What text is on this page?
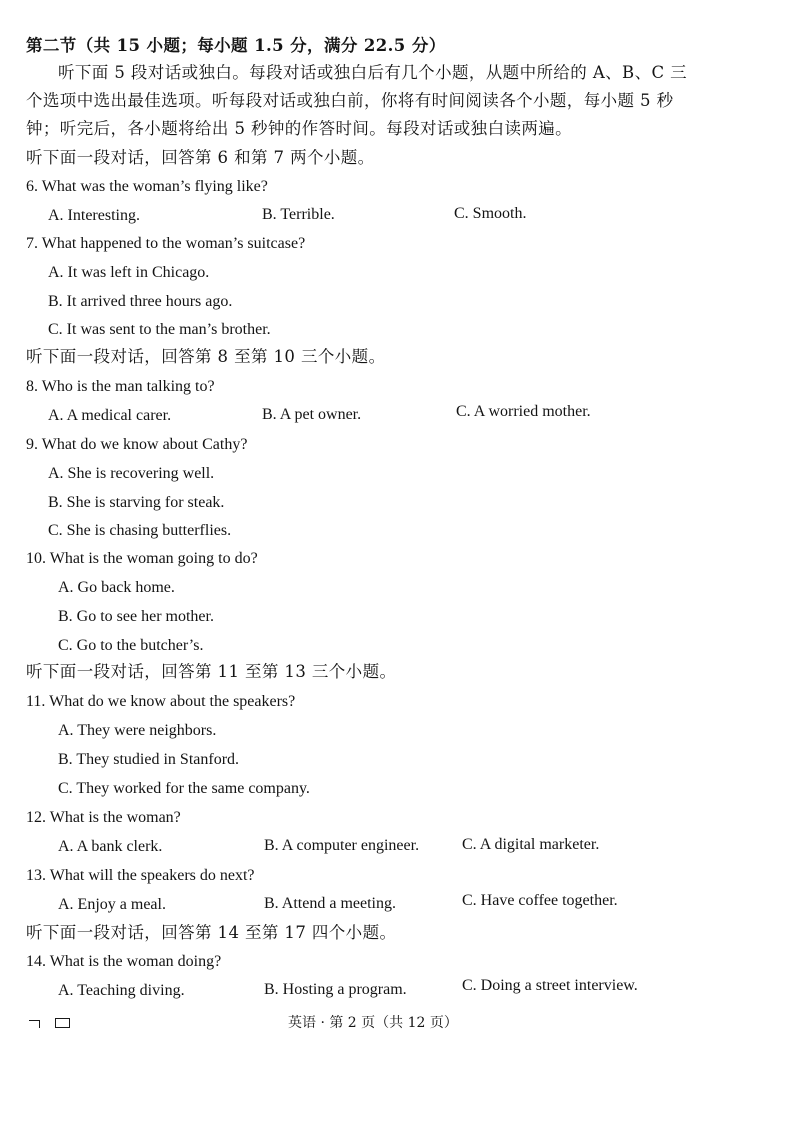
第二节（共 15 小题；每小题 1.5 分，满分 22.5 分）
听下面 5 段对话或独白。每段对话或独白后有几个小题，从题中所给的 A、B、C 三
个选项中选出最佳选项。听每段对话或独白前，你将有时间阅读各个小题，每小题 5 秒
钟；听完后，各小题将给出 5 秒钟的作答时间。每段对话或独白读两遍。
听下面一段对话，回答第 6 和第 7 两个小题。
6. What was the woman’s flying like?
A. Interesting.	B. Terrible.	C. Smooth.
7. What happened to the woman’s suitcase?
A. It was left in Chicago.
B. It arrived three hours ago.
C. It was sent to the man’s brother.
听下面一段对话，回答第 8 至第 10 三个小题。
8. Who is the man talking to?
A. A medical carer.	B. A pet owner.	C. A worried mother.
9. What do we know about Cathy?
A. She is recovering well.
B. She is starving for steak.
C. She is chasing butterflies.
10. What is the woman going to do?
A. Go back home.
B. Go to see her mother.
C. Go to the butcher’s.
听下面一段对话，回答第 11 至第 13 三个小题。
11. What do we know about the speakers?
A. They were neighbors.
B. They studied in Stanford.
C. They worked for the same company.
12. What is the woman?
A. A bank clerk.	B. A computer engineer.	C. A digital marketer.
13. What will the speakers do next?
A. Enjoy a meal.	B. Attend a meeting.	C. Have coffee together.
听下面一段对话，回答第 14 至第 17 四个小题。
14. What is the woman doing?
A. Teaching diving.	B. Hosting a program.	C. Doing a street interview.
英语 · 第 2 页（共 12 页）
